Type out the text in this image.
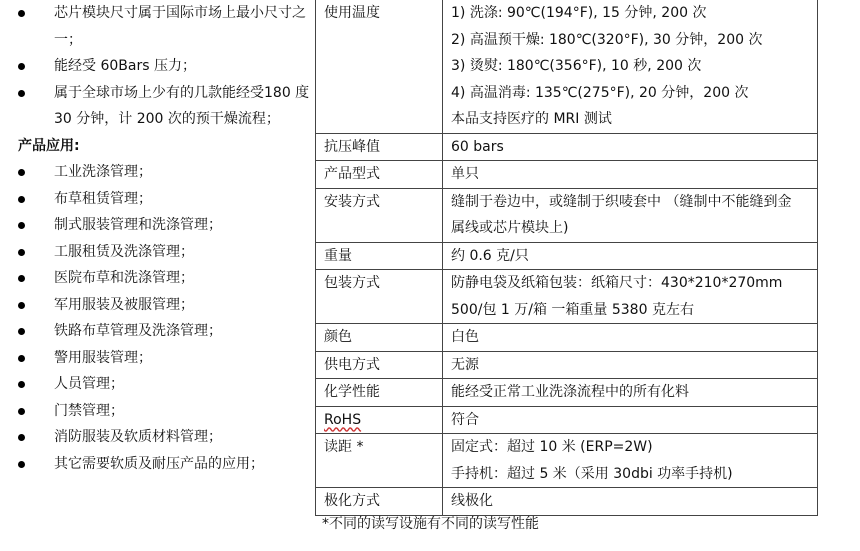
芯片模块尺寸属于国际市场上最小尺寸之一；
能经受 60Bars 压力；
属于全球市场上少有的几款能经受180 度 30 分钟，计 200 次的预干燥流程；
产品应用:
工业洗涤管理；
布草租赁管理；
制式服装管理和洗涤管理；
工服租赁及洗涤管理；
医院布草和洗涤管理；
军用服装及被服管理；
铁路布草管理及洗涤管理；
警用服装管理；
人员管理；
门禁管理；
消防服装及软质材料管理；
其它需要软质及耐压产品的应用；
使用温度	1) 洗涤: 90℃(194°F), 15 分钟, 200 次
2) 高温预干燥: 180℃(320°F), 30 分钟，200 次
3) 烫熨: 180℃(356°F), 10 秒, 200 次
4) 高温消毒: 135℃(275°F), 20 分钟，200 次
本品支持医疗的 MRI 测试

抗压峰值	60 bars

产品型式	单只

安装方式	缝制于卷边中，或缝制于织唛套中 （缝制中不能缝到金
属线或芯片模块上)

重量	约 0.6 克/只

包装方式	防静电袋及纸箱包装：纸箱尺寸：430*210*270mm
500/包 1 万/箱 一箱重量 5380 克左右

颜色	白色

供电方式	无源

化学性能	能经受正常工业洗涤流程中的所有化料

RoHS	符合

读距 *	固定式：超过 10 米 (ERP=2W)
手持机：超过 5 米（采用 30dbi 功率手持机)

极化方式	线极化
*不同的读写设施有不同的读写性能
